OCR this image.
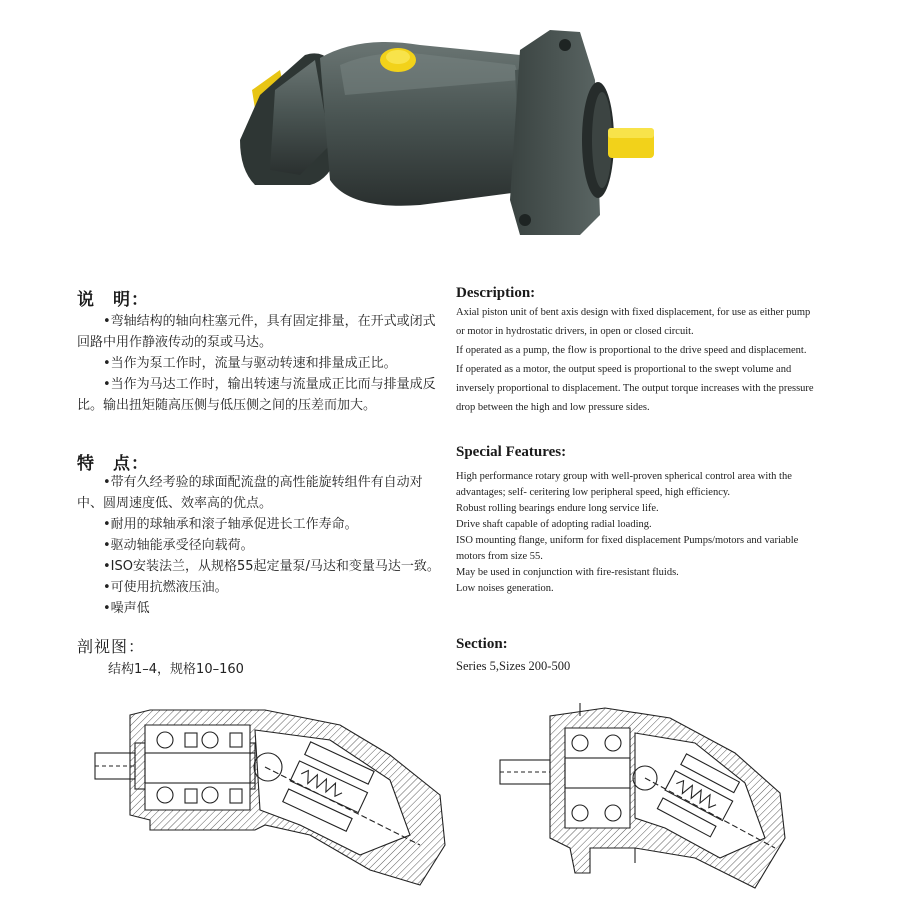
说　明：

•弯轴结构的轴向柱塞元件，具有固定排量，在开式或闭式回路中用作静液传动的泵或马达。

•当作为泵工作时，流量与驱动转速和排量成正比。

•当作为马达工作时，输出转速与流量成正比而与排量成反比。输出扭矩随高压侧与低压侧之间的压差而加大。

Description:

Axial piston unit of bent axis design with fixed displacement, for use as either pump

or motor in hydrostatic drivers, in open or closed circuit.

If operated as a pump, the flow is proportional to the drive speed and displacement.

If operated as a motor, the output speed is proportional to the swept volume and

inversely proportional to displacement. The output torque increases with the pressure

drop between the high and low pressure sides.

特　点：

•带有久经考验的球面配流盘的高性能旋转组件有自动对中、圆周速度低、效率高的优点。

•耐用的球轴承和滚子轴承促进长工作寿命。

•驱动轴能承受径向载荷。

•ISO安装法兰，从规格55起定量泵/马达和变量马达一致。

•可使用抗燃液压油。

•噪声低

Special Features:

High performance rotary group with well-proven spherical control area with the

advantages; self- ceritering low peripheral speed, high efficiency.

Robust rolling bearings endure long service life.

Drive shaft capable of adopting radial loading.

ISO mounting flange, uniform for fixed displacement Pumps/motors and variable

motors from size 55.

May be used in conjunction with fire-resistant fluids.

Low noises generation.

剖视图：
结构1–4，规格10–160
Section:
Series 5,Sizes 200-500
